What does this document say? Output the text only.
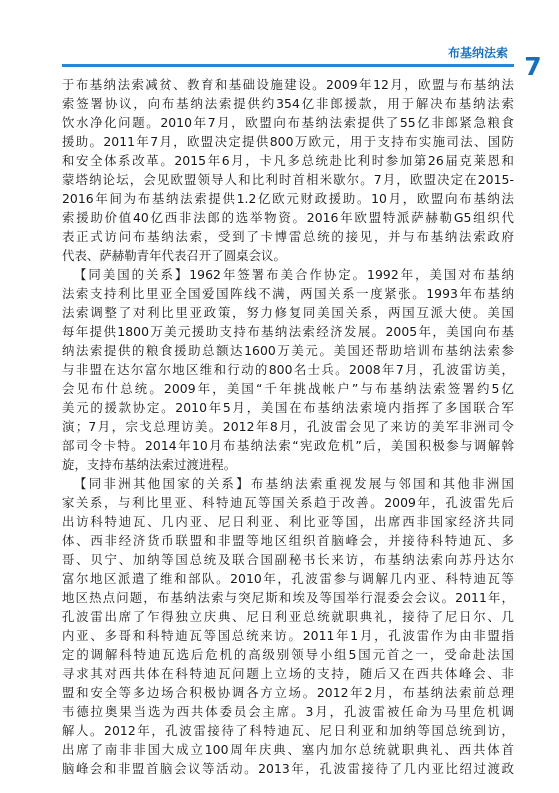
布基纳法索 7
于布基纳法索减贫、教育和基础设施建设。2009年12月，欧盟与布基纳法
索签署协议，向布基纳法索提供约354亿非郎援款，用于解决布基纳法索
饮水净化问题。2010年7月，欧盟向布基纳法索提供了55亿非郎紧急粮食
援助。2011年7月，欧盟决定提供800万欧元，用于支持布实施司法、国防
和安全体系改革。2015年6月，卡凡多总统赴比利时参加第26届克莱恩和
蒙塔纳论坛，会见欧盟领导人和比利时首相米歇尔。7月，欧盟决定在2015-
2016年间为布基纳法索提供1.2亿欧元财政援助。10月，欧盟向布基纳法
索援助价值40亿西非法郎的选举物资。2016年欧盟特派萨赫勒G5组织代
表正式访问布基纳法索，受到了卡博雷总统的接见，并与布基纳法索政府
代表、萨赫勒青年代表召开了圆桌会议。
【同美国的关系】1962年签署布美合作协定。1992年，美国对布基纳
法索支持利比里亚全国爱国阵线不满，两国关系一度紧张。1993年布基纳
法索调整了对利比里亚政策，努力修复同美国关系，两国互派大使。美国
每年提供1800万美元援助支持布基纳法索经济发展。2005年，美国向布基
纳法索提供的粮食援助总额达1600万美元。美国还帮助培训布基纳法索参
与非盟在达尔富尔地区维和行动的800名士兵。2008年7月，孔波雷访美，
会见布什总统。2009年，美国“千年挑战帐户”与布基纳法索签署约5亿
美元的援款协定。2010年5月，美国在布基纳法索境内指挥了多国联合军
演；7月，宗戈总理访美。2012年8月，孔波雷会见了来访的美军非洲司令
部司令卡特。2014年10月布基纳法索“宪政危机”后，美国积极参与调解斡
旋，支持布基纳法索过渡进程。
【同非洲其他国家的关系】布基纳法索重视发展与邻国和其他非洲国
家关系，与利比里亚、科特迪瓦等国关系趋于改善。2009年，孔波雷先后
出访科特迪瓦、几内亚、尼日利亚、利比亚等国，出席西非国家经济共同
体、西非经济货币联盟和非盟等地区组织首脑峰会，并接待科特迪瓦、多
哥、贝宁、加纳等国总统及联合国副秘书长来访，布基纳法索向苏丹达尔
富尔地区派遣了维和部队。2010年，孔波雷参与调解几内亚、科特迪瓦等
地区热点问题，布基纳法索与突尼斯和埃及等国举行混委会会议。2011年，
孔波雷出席了乍得独立庆典、尼日利亚总统就职典礼，接待了尼日尔、几
内亚、多哥和科特迪瓦等国总统来访。2011年1月，孔波雷作为由非盟指
定的调解科特迪瓦选后危机的高级别领导小组5国元首之一，受命赴法国
寻求其对西共体在科特迪瓦问题上立场的支持，随后又在西共体峰会、非
盟和安全等多边场合积极协调各方立场。2012年2月，布基纳法索前总理
韦德拉奥果当选为西共体委员会主席。3月，孔波雷被任命为马里危机调
解人。2012年，孔波雷接待了科特迪瓦、尼日利亚和加纳等国总统到访，
出席了南非非国大成立100周年庆典、塞内加尔总统就职典礼、西共体首
脑峰会和非盟首脑会议等活动。2013年，孔波雷接待了几内亚比绍过渡政
